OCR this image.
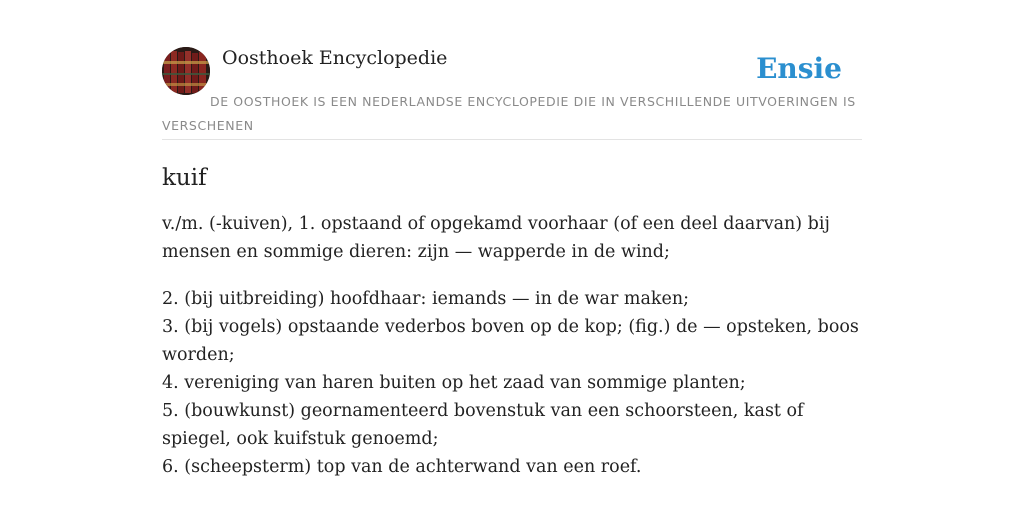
Oosthoek Encyclopedie	Ensie
DE OOSTHOEK IS EEN NEDERLANDSE ENCYCLOPEDIE DIE IN VERSCHILLENDE UITVOERINGEN IS VERSCHENEN
kuif

v./m. (-kuiven), 1. opstaand of opgekamd voorhaar (of een deel daarvan) bij mensen en sommige dieren: zijn — wapperde in de wind;

2. (bij uitbreiding) hoofdhaar: iemands — in de war maken;
3. (bij vogels) opstaande vederbos boven op de kop; (fig.) de — opsteken, boos worden;
4. vereniging van haren buiten op het zaad van sommige planten;
5. (bouwkunst) geornamenteerd bovenstuk van een schoorsteen, kast of spiegel, ook kuifstuk genoemd;
6. (scheepsterm) top van de achterwand van een roef.
